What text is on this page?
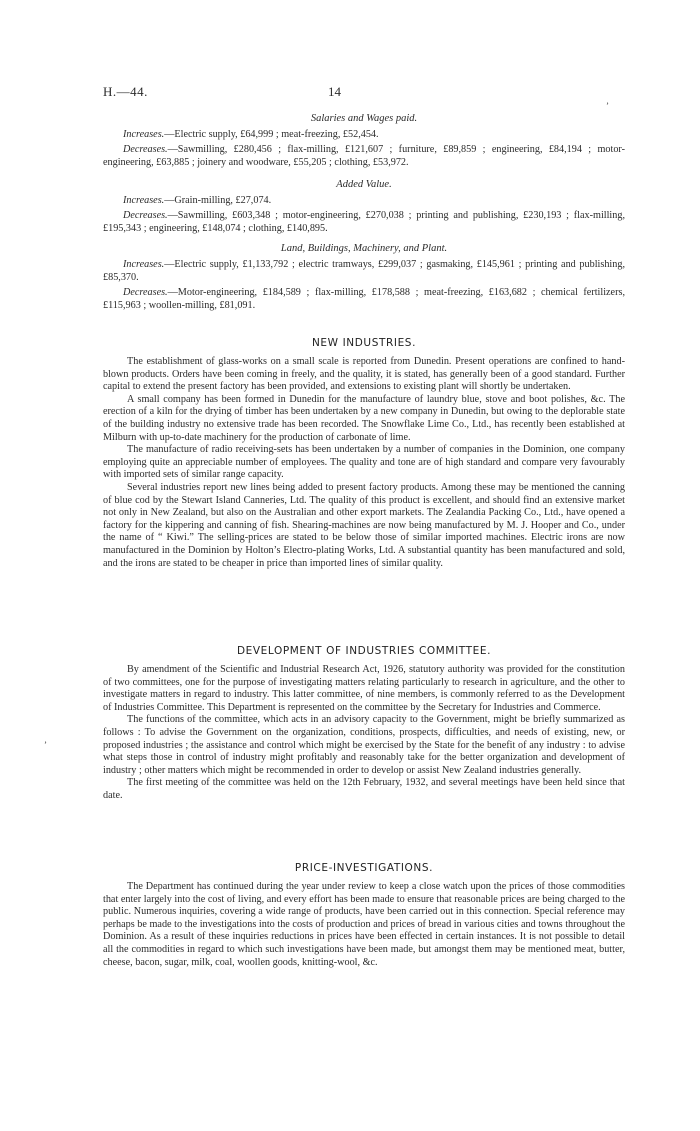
H.—44.	14
’
’
Salaries and Wages paid.

Increases.—Electric supply, £64,999 ; meat-freezing, £52,454.

Decreases.—Sawmilling, £280,456 ; flax-milling, £121,607 ; furniture, £89,859 ; engineering, £84,194 ; motor-engineering, £63,885 ; joinery and woodware, £55,205 ; clothing, £53,972.

Added Value.

Increases.—Grain-milling, £27,074.

Decreases.—Sawmilling, £603,348 ; motor-engineering, £270,038 ; printing and publishing, £230,193 ; flax-milling, £195,343 ; engineering, £148,074 ; clothing, £140,895.

Land, Buildings, Machinery, and Plant.

Increases.—Electric supply, £1,133,792 ; electric tramways, £299,037 ; gasmaking, £145,961 ; printing and publishing, £85,370.

Decreases.—Motor-engineering, £184,589 ; flax-milling, £178,588 ; meat-freezing, £163,682 ; chemical fertilizers, £115,963 ; woollen-milling, £81,091.

NEW INDUSTRIES.

The establishment of glass-works on a small scale is reported from Dunedin. Present operations are confined to hand-blown products. Orders have been coming in freely, and the quality, it is stated, has generally been of a good standard. Further capital to extend the present factory has been provided, and extensions to existing plant will shortly be undertaken.

A small company has been formed in Dunedin for the manufacture of laundry blue, stove and boot polishes, &c. The erection of a kiln for the drying of timber has been undertaken by a new company in Dunedin, but owing to the deplorable state of the building industry no extensive trade has been recorded. The Snowflake Lime Co., Ltd., has recently been established at Milburn with up-to-date machinery for the production of carbonate of lime.

The manufacture of radio receiving-sets has been undertaken by a number of companies in the Dominion, one company employing quite an appreciable number of employees. The quality and tone are of high standard and compare very favourably with imported sets of similar range capacity.

Several industries report new lines being added to present factory products. Among these may be mentioned the canning of blue cod by the Stewart Island Canneries, Ltd. The quality of this product is excellent, and should find an extensive market not only in New Zealand, but also on the Australian and other export markets. The Zealandia Packing Co., Ltd., have opened a factory for the kippering and canning of fish. Shearing-machines are now being manufactured by M. J. Hooper and Co., under the name of “ Kiwi.” The selling-prices are stated to be below those of similar imported machines. Electric irons are now manufactured in the Dominion by Holton’s Electro-plating Works, Ltd. A substantial quantity has been manufactured and sold, and the irons are stated to be cheaper in price than imported lines of similar quality.

DEVELOPMENT OF INDUSTRIES COMMITTEE.

By amendment of the Scientific and Industrial Research Act, 1926, statutory authority was provided for the constitution of two committees, one for the purpose of investigating matters relating particularly to research in agriculture, and the other to investigate matters in regard to industry. This latter committee, of nine members, is commonly referred to as the Development of Industries Committee. This Department is represented on the committee by the Secretary for Industries and Commerce.

The functions of the committee, which acts in an advisory capacity to the Government, might be briefly summarized as follows : To advise the Government on the organization, conditions, prospects, difficulties, and needs of existing, new, or proposed industries ; the assistance and control which might be exercised by the State for the benefit of any industry : to advise what steps those in control of industry might profitably and reasonably take for the better organization and development of industry ; other matters which might be recommended in order to develop or assist New Zealand industries generally.

The first meeting of the committee was held on the 12th February, 1932, and several meetings have been held since that date.

PRICE-INVESTIGATIONS.

The Department has continued during the year under review to keep a close watch upon the prices of those commodities that enter largely into the cost of living, and every effort has been made to ensure that reasonable prices are being charged to the public. Numerous inquiries, covering a wide range of products, have been carried out in this connection. Special reference may perhaps be made to the investigations into the costs of production and prices of bread in various cities and towns throughout the Dominion. As a result of these inquiries reductions in prices have been effected in certain instances. It is not possible to detail all the commodities in regard to which such investigations have been made, but amongst them may be mentioned meat, butter, cheese, bacon, sugar, milk, coal, woollen goods, knitting-wool, &c.
